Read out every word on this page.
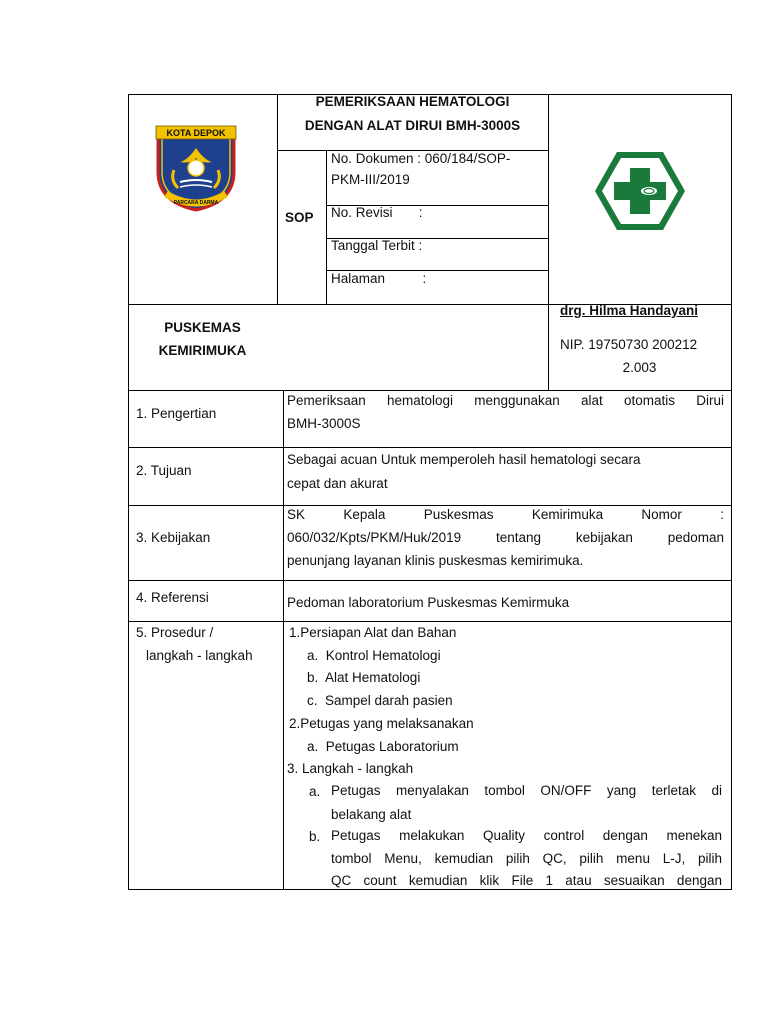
KOTA DEPOK
PARCARA DARMA
PEMERIKSAAN HEMATOLOGI
DENGAN ALAT DIRUI BMH-3000S
SOP
No. Dokumen : 060/184/SOP-
PKM-III/2019
No. Revisi       :
Tanggal Terbit :
Halaman          :
PUSKEMAS
KEMIRIMUKA
drg. Hilma Handayani
NIP. 19750730 200212
2.003
1. Pengertian
Pemeriksaan hematologi menggunakan alat otomatis Dirui
BMH-3000S
2. Tujuan
Sebagai acuan Untuk memperoleh hasil hematologi secara
cepat dan akurat
3. Kebijakan
SK Kepala Puskesmas Kemirimuka Nomor :
060/032/Kpts/PKM/Huk/2019 tentang kebijakan pedoman
penunjang layanan klinis puskesmas kemirimuka.
4. Referensi	Pedoman laboratorium Puskesmas Kemirmuka
5. Prosedur /
langkah - langkah
1.Persiapan Alat dan Bahan
a.  Kontrol Hematologi
b.  Alat Hematologi
c.  Sampel darah pasien
2.Petugas yang melaksanakan
a.  Petugas Laboratorium
3. Langkah - langkah
a. Petugas menyalakan tombol ON/OFF yang terletak di
belakang alat
b. Petugas melakukan Quality control dengan menekan
tombol Menu, kemudian pilih QC, pilih menu L-J, pilih
QC count kemudian klik File 1 atau sesuaikan dengan
